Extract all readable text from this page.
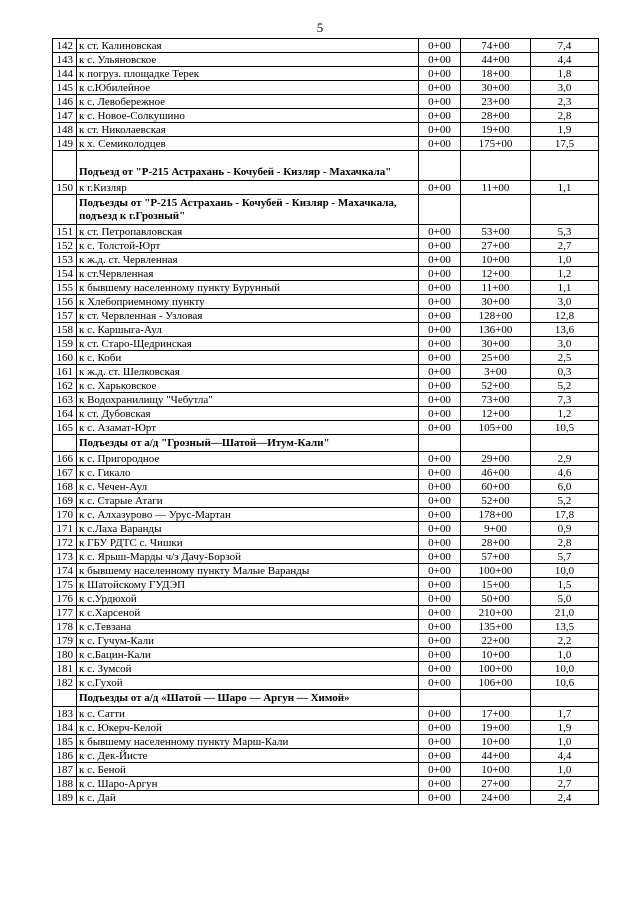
5
142	к ст. Калиновская	0+00	74+00	7,4
143	к с. Ульяновское	0+00	44+00	4,4
144	к погруз. площадке Терек	0+00	18+00	1,8
145	к с.Юбилейное	0+00	30+00	3,0
146	к с. Левобережное	0+00	23+00	2,3
147	к с. Новое-Солкушино	0+00	28+00	2,8
148	к ст. Николаевская	0+00	19+00	1,9
149	к х. Семиколодцев	0+00	175+00	17,5
	Подъезд от "Р-215 Астрахань - Кочубей - Кизляр - Махачкала"			
150	к г.Кизляр	0+00	11+00	1,1
	Подъезды от "Р-215 Астрахань - Кочубей - Кизляр - Махачкала, подъезд к г.Грозный"			
151	к ст. Петропавловская	0+00	53+00	5,3
152	к с. Толстой-Юрт	0+00	27+00	2,7
153	к ж.д. ст. Червленная	0+00	10+00	1,0
154	к ст.Червленная	0+00	12+00	1,2
155	к бывшему населенному пункту Бурунный	0+00	11+00	1,1
156	к Хлебоприемному пункту	0+00	30+00	3,0
157	к ст. Червленная - Узловая	0+00	128+00	12,8
158	к с. Каршыга-Аул	0+00	136+00	13,6
159	к ст. Старо-Щедринская	0+00	30+00	3,0
160	к с. Коби	0+00	25+00	2,5
161	к ж.д. ст. Шелковская	0+00	3+00	0,3
162	к с. Харьковское	0+00	52+00	5,2
163	к Водохранилищу "Чебутла"	0+00	73+00	7,3
164	к ст. Дубовская	0+00	12+00	1,2
165	к с. Азамат-Юрт	0+00	105+00	10,5
	Подъезды от а/д "Грозный—Шатой—Итум-Кали"			
166	к с. Пригородное	0+00	29+00	2,9
167	к с. Гикало	0+00	46+00	4,6
168	к с. Чечен-Аул	0+00	60+00	6,0
169	к с. Старые Атаги	0+00	52+00	5,2
170	к с. Алхазурово — Урус-Мартан	0+00	178+00	17,8
171	к с.Лаха Варанды	0+00	9+00	0,9
172	к ГБУ РДТС с. Чишки	0+00	28+00	2,8
173	к с. Ярыш-Марды ч/з Дачу-Борзой	0+00	57+00	5,7
174	к бывшему населенному пункту Малые Варанды	0+00	100+00	10,0
175	к Шатойскому ГУДЭП	0+00	15+00	1,5
176	к с.Урдюхой	0+00	50+00	5,0
177	к с.Харсеной	0+00	210+00	21,0
178	к с.Тевзана	0+00	135+00	13,5
179	к с. Гучум-Кали	0+00	22+00	2,2
180	к с.Бацин-Кали	0+00	10+00	1,0
181	к с. Зумсой	0+00	100+00	10,0
182	к с.Гухой	0+00	106+00	10,6
	Подъезды от а/д «Шатой — Шаро — Аргун — Химой»			
183	к с. Сатти	0+00	17+00	1,7
184	к с. Юкерч-Келой	0+00	19+00	1,9
185	к бывшему населенному пункту Марш-Кали	0+00	10+00	1,0
186	к с. Дек-Йисте	0+00	44+00	4,4
187	к с. Беной	0+00	10+00	1,0
188	к с. Шаро-Аргун	0+00	27+00	2,7
189	к с. Дай	0+00	24+00	2,4
